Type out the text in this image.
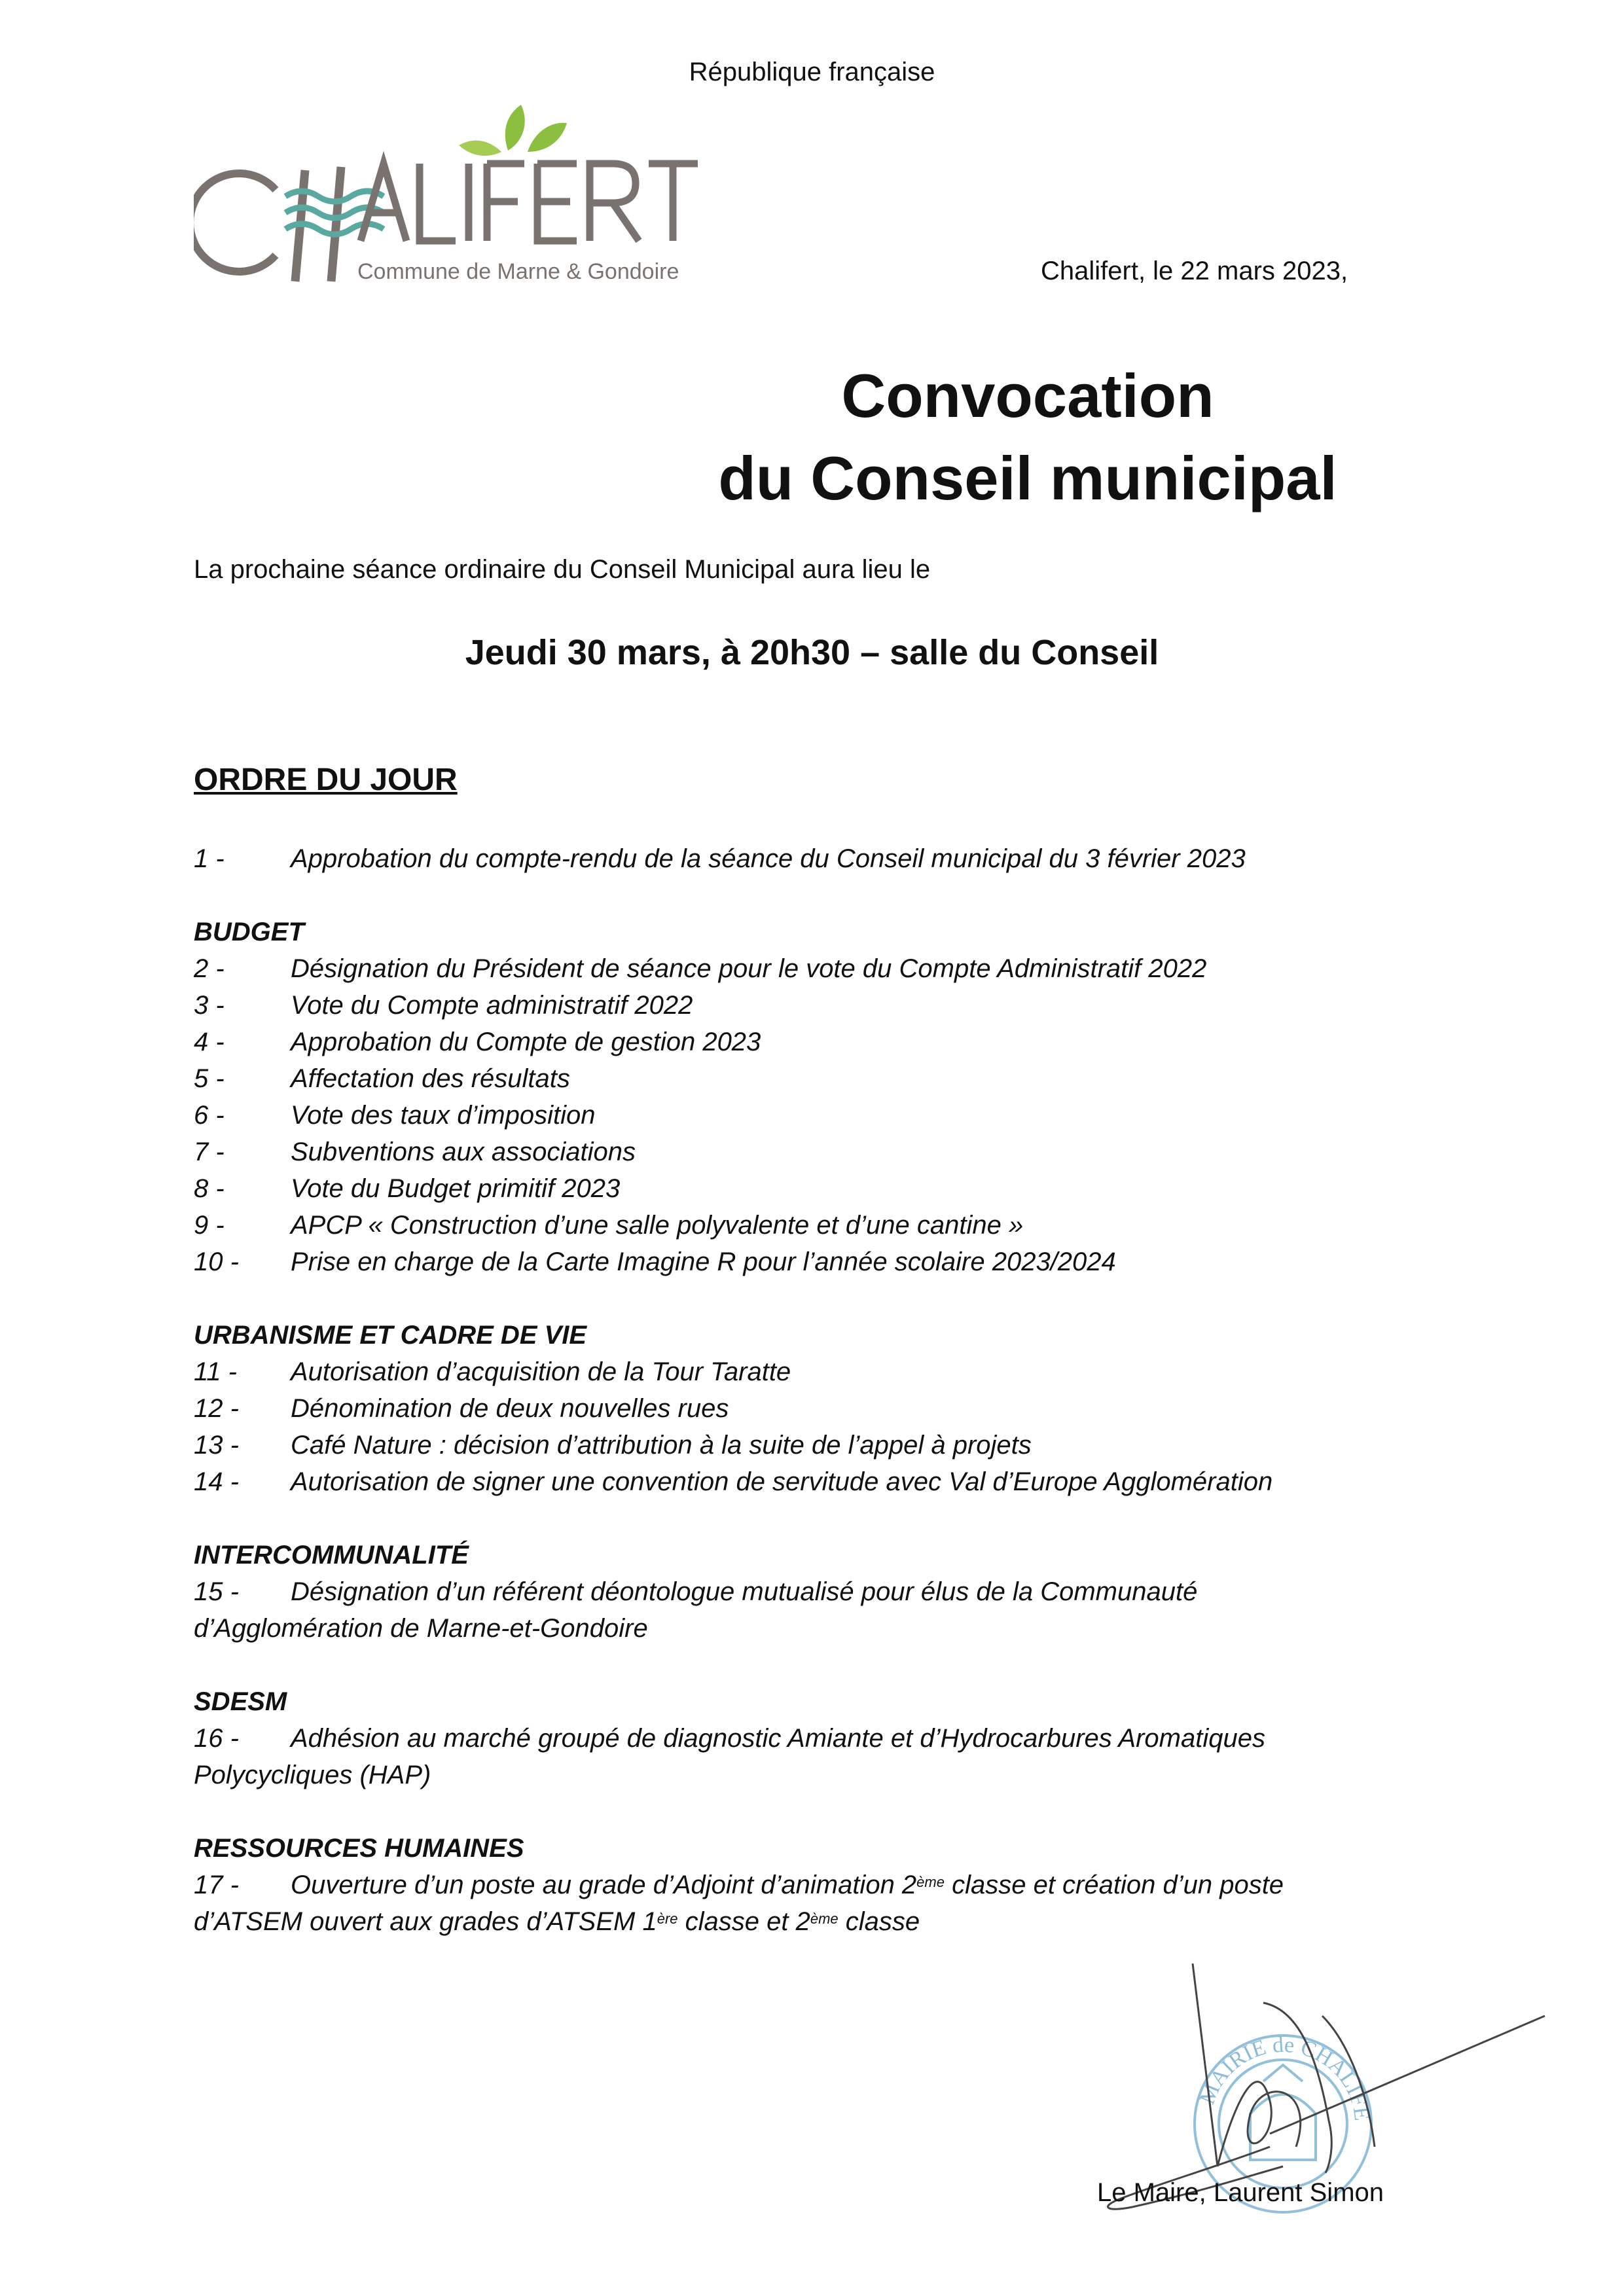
République française
Commune de Marne & Gondoire	Chalifert, le 22 mars 2023,
Convocation
du Conseil municipal
La prochaine séance ordinaire du Conseil Municipal aura lieu le
Jeudi 30 mars, à 20h30 – salle du Conseil
ORDRE DU JOUR
1 -	Approbation du compte-rendu de la séance du Conseil municipal du 3 février 2023
BUDGET
2 -	Désignation du Président de séance pour le vote du Compte Administratif 2022
3 -	Vote du Compte administratif 2022
4 -	Approbation du Compte de gestion 2023
5 -	Affectation des résultats
6 -	Vote des taux d’imposition
7 -	Subventions aux associations
8 -	Vote du Budget primitif 2023
9 -	APCP « Construction d’une salle polyvalente et d’une cantine »
10 -	Prise en charge de la Carte Imagine R pour l’année scolaire 2023/2024
URBANISME ET CADRE DE VIE
11 -	Autorisation d’acquisition de la Tour Taratte
12 -	Dénomination de deux nouvelles rues
13 -	Café Nature : décision d’attribution à la suite de l’appel à projets
14 -	Autorisation de signer une convention de servitude avec Val d’Europe Agglomération
INTERCOMMUNALITÉ
15 -	Désignation d’un référent déontologue mutualisé pour élus de la Communauté
d’Agglomération de Marne-et-Gondoire
SDESM
16 -	Adhésion au marché groupé de diagnostic Amiante et d’Hydrocarbures Aromatiques
Polycycliques (HAP)
RESSOURCES HUMAINES
17 -	Ouverture d’un poste au grade d’Adjoint d’animation 2ème classe et création d’un poste
d’ATSEM ouvert aux grades d’ATSEM 1ère classe et 2ème classe
MAIRIE de CHALIFE
Le Maire, Laurent Simon
